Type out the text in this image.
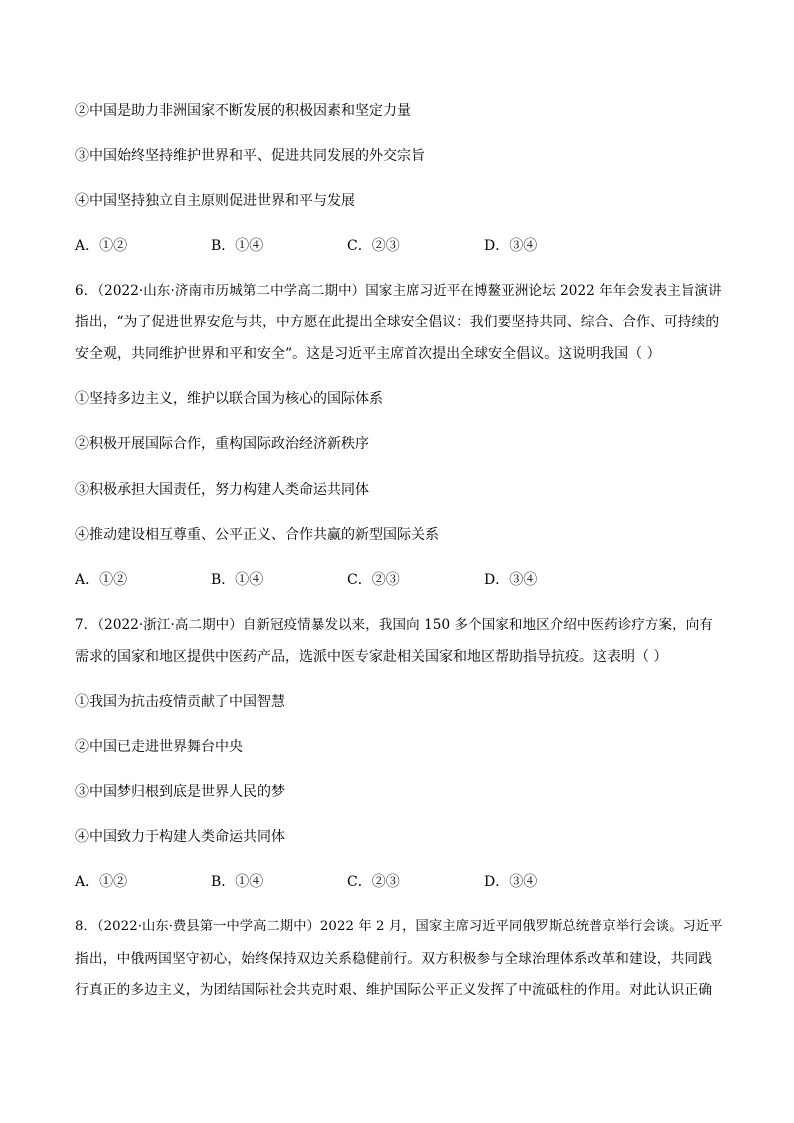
②中国是助力非洲国家不断发展的积极因素和坚定力量
③中国始终坚持维护世界和平、促进共同发展的外交宗旨
④中国坚持独立自主原则促进世界和平与发展
A．①②	B．①④	C．②③	D．③④
6．（2022·山东·济南市历城第二中学高二期中）国家主席习近平在博鳌亚洲论坛 2022 年年会发表主旨演讲
指出，“为了促进世界安危与共，中方愿在此提出全球安全倡议：我们要坚持共同、综合、合作、可持续的
安全观，共同维护世界和平和安全”。这是习近平主席首次提出全球安全倡议。这说明我国（ ）
①坚持多边主义，维护以联合国为核心的国际体系
②积极开展国际合作，重构国际政治经济新秩序
③积极承担大国责任，努力构建人类命运共同体
④推动建设相互尊重、公平正义、合作共赢的新型国际关系
A．①②	B．①④	C．②③	D．③④
7．（2022·浙江·高二期中）自新冠疫情暴发以来，我国向 150 多个国家和地区介绍中医药诊疗方案，向有
需求的国家和地区提供中医药产品，选派中医专家赴相关国家和地区帮助指导抗疫。这表明（ ）
①我国为抗击疫情贡献了中国智慧
②中国已走进世界舞台中央
③中国梦归根到底是世界人民的梦
④中国致力于构建人类命运共同体
A．①②	B．①④	C．②③	D．③④
8．（2022·山东·费县第一中学高二期中）2022 年 2 月，国家主席习近平同俄罗斯总统普京举行会谈。习近平
指出，中俄两国坚守初心，始终保持双边关系稳健前行。双方积极参与全球治理体系改革和建设，共同践
行真正的多边主义，为团结国际社会共克时艰、维护国际公平正义发挥了中流砥柱的作用。对此认识正确
